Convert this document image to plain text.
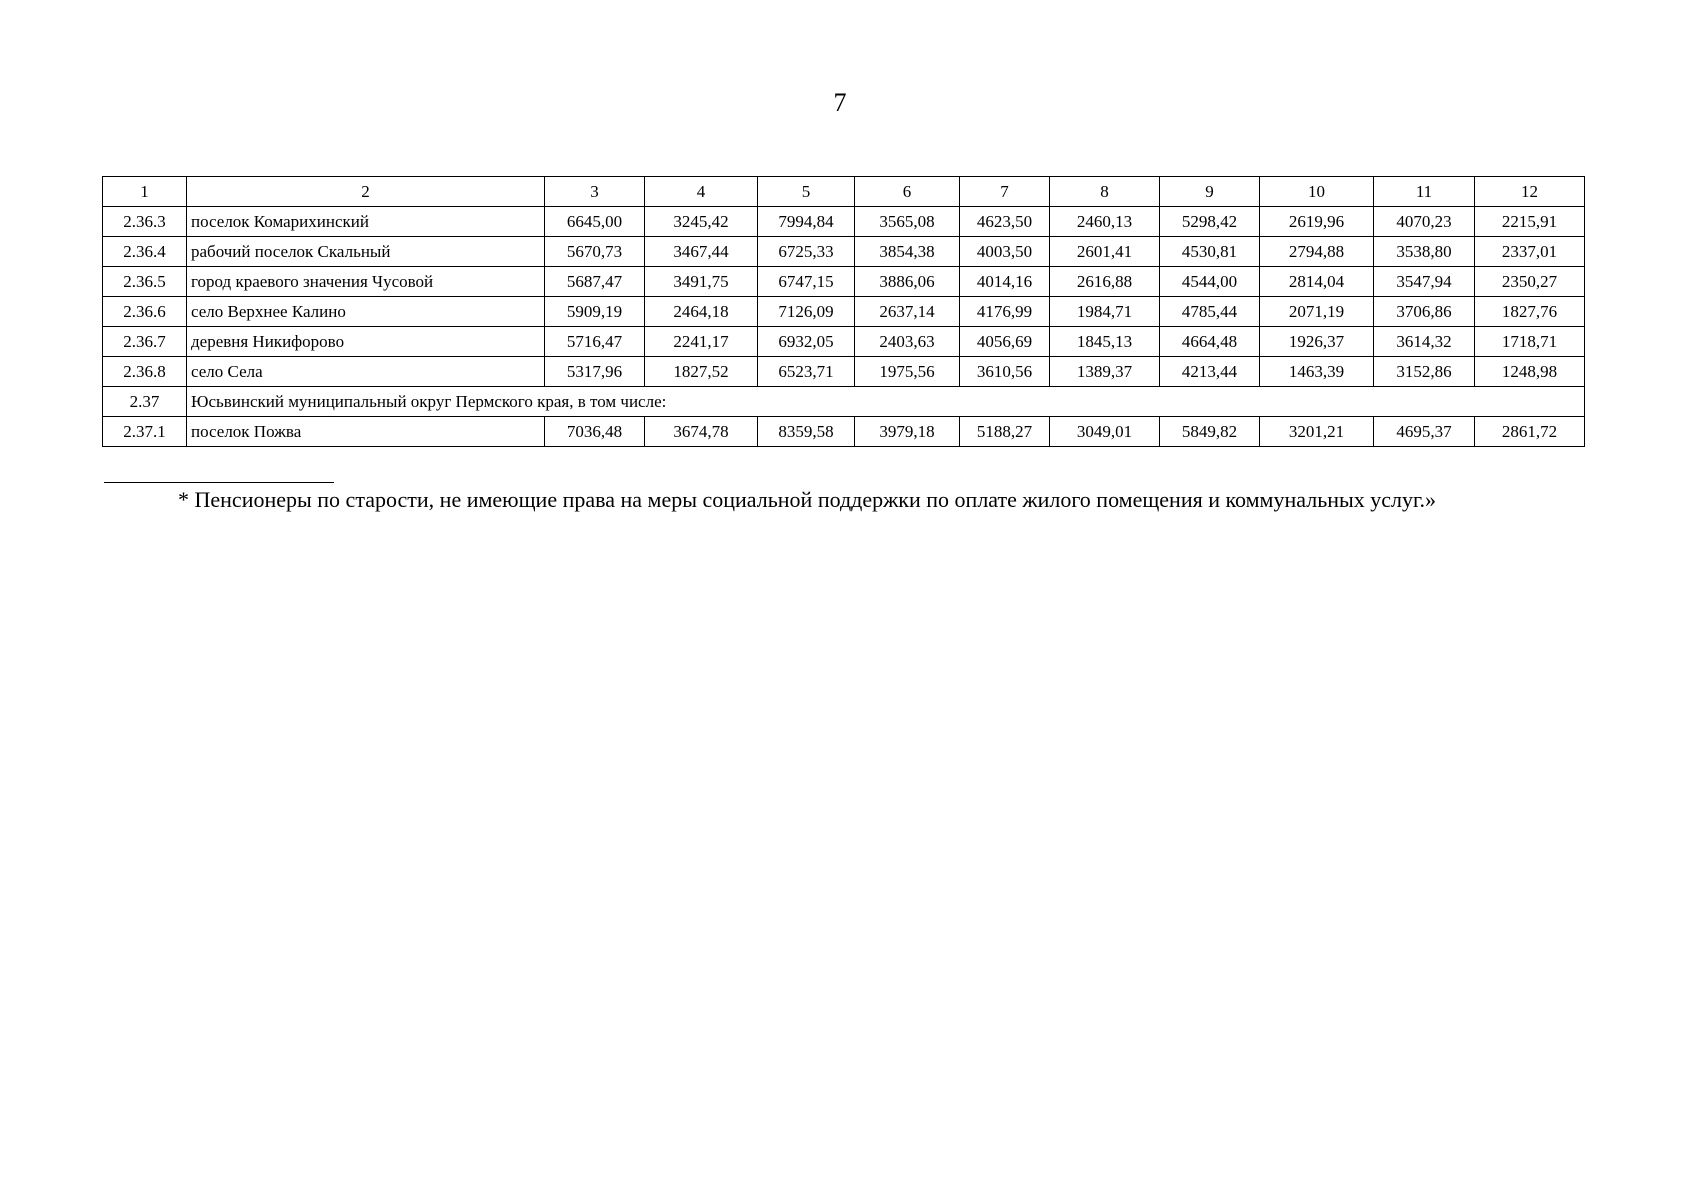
7
1	2	3	4	5	6	7	8	9	10	11	12
2.36.3	поселок Комарихинский	6645,00	3245,42	7994,84	3565,08	4623,50	2460,13	5298,42	2619,96	4070,23	2215,91
2.36.4	рабочий поселок Скальный	5670,73	3467,44	6725,33	3854,38	4003,50	2601,41	4530,81	2794,88	3538,80	2337,01
2.36.5	город краевого значения Чусовой	5687,47	3491,75	6747,15	3886,06	4014,16	2616,88	4544,00	2814,04	3547,94	2350,27
2.36.6	село Верхнее Калино	5909,19	2464,18	7126,09	2637,14	4176,99	1984,71	4785,44	2071,19	3706,86	1827,76
2.36.7	деревня Никифорово	5716,47	2241,17	6932,05	2403,63	4056,69	1845,13	4664,48	1926,37	3614,32	1718,71
2.36.8	село Села	5317,96	1827,52	6523,71	1975,56	3610,56	1389,37	4213,44	1463,39	3152,86	1248,98
2.37	Юсьвинский муниципальный округ Пермского края, в том числе:										
2.37.1	поселок Пожва	7036,48	3674,78	8359,58	3979,18	5188,27	3049,01	5849,82	3201,21	4695,37	2861,72
* Пенсионеры по старости, не имеющие права на меры социальной поддержки по оплате жилого помещения и коммунальных услуг.»
